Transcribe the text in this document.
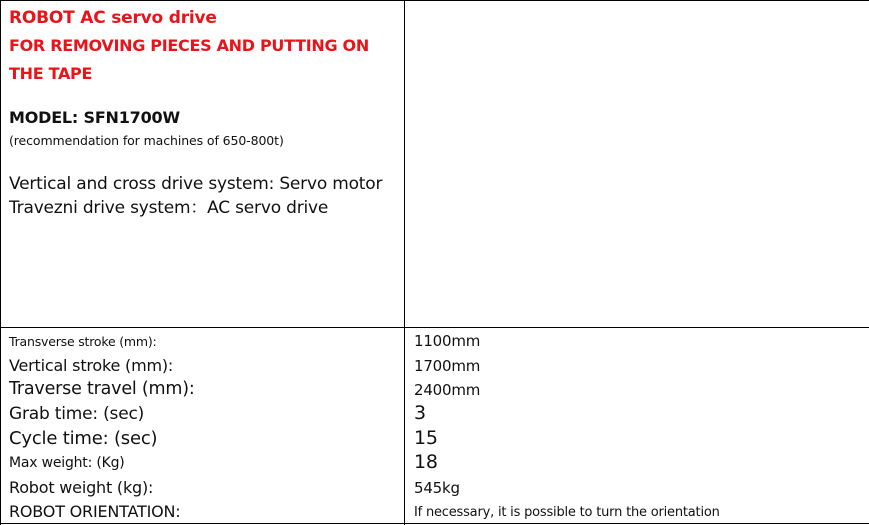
ROBOT AC servo drive

FOR REMOVING PIECES AND PUTTING ON

THE TAPE

MODEL: SFN1700W
(recommendation for machines of 650-800t)
Vertical and cross drive system: Servo motor
Travezni drive system：AC servo drive
Transverse stroke (mm):	1100mm
Vertical stroke (mm):	1700mm
Traverse travel (mm):	2400mm
Grab time: (sec)	3
Cycle time: (sec)	15
Max weight: (Kg)	18
Robot weight (kg):	545kg
ROBOT ORIENTATION:	If necessary, it is possible to turn the orientation
